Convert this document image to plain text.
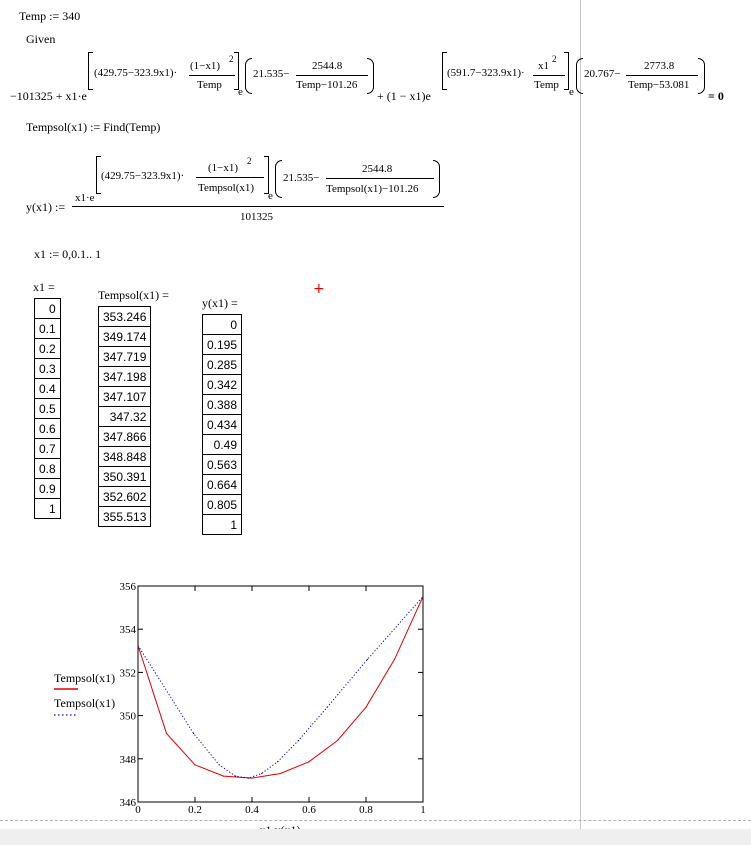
Temp := 340
Given
−101325 + x1·e
(429.75−323.9x1)·
(1−x1)
2
Temp
e
21.535−
2544.8
Temp−101.26
+ (1 − x1)e
(591.7−323.9x1)·
x1
2
Temp
e
20.767−
2773.8
Temp−53.081
= 0
Tempsol(x1) := Find(Temp)
y(x1) :=
x1·e
(429.75−323.9x1)·
(1−x1)
2
Tempsol(x1)
e
21.535−
2544.8
Tempsol(x1)−101.26
101325
x1 := 0,0.1.. 1
x1 =
0
0.1
0.2
0.3
0.4
0.5
0.6
0.7
0.8
0.9
1
Tempsol(x1) =
353.246
349.174
347.719
347.198
347.107
347.32
347.866
348.848
350.391
352.602
355.513
y(x1) =
0
0.195
0.285
0.342
0.388
0.434
0.49
0.563
0.664
0.805
1
+
0	0.2	0.4	0.6	0.8	1
346
348
350
352
354
356
Tempsol(x1)
Tempsol(x1)
